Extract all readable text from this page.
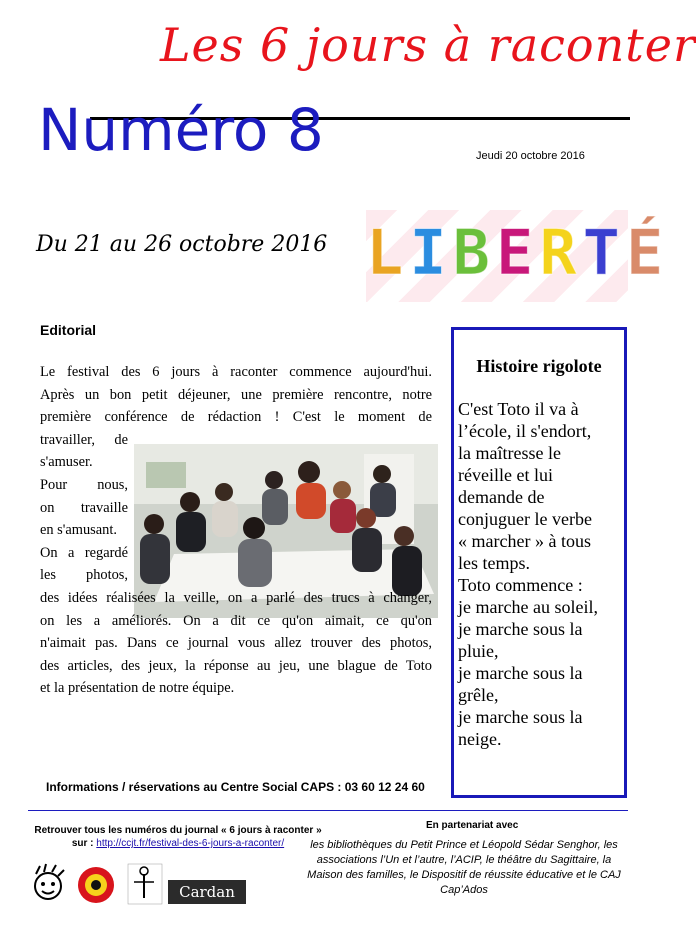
Les 6 jours à raconter
Numéro 8	Jeudi 20 octobre 2016
Du 21 au 26 octobre 2016 LIBERTÉ
Editorial
Le festival des 6 jours à raconter commence aujourd'hui.
Après un bon petit déjeuner, une première rencontre, notre
première conférence de rédaction ! C'est le moment de
travailler, de
s'amuser.
Pour nous,
on travaille
en s'amusant.
On a regardé
les photos,
des idées réalisées la veille, on a parlé des trucs à changer,
on les a améliorés. On a dit ce qu'on aimait, ce qu'on
n'aimait pas. Dans ce journal vous allez trouver des photos,
des articles, des jeux, la réponse au jeu, une blague de Toto
et la présentation de notre équipe.
Informations / réservations au Centre Social CAPS : 03 60 12 24 60
Histoire rigolote
C'est Toto il va à
l’école, il s'endort,
la maîtresse le
réveille et lui
demande de
conjuguer le verbe
« marcher » à tous
les temps.
Toto commence :
je marche au soleil,
je marche sous la
pluie,
je marche sous la
grêle,
je marche sous la
neige.
Retrouver tous les numéros du journal « 6 jours à raconter »
sur : http://ccjt.fr/festival-des-6-jours-a-raconter/
En partenariat avec
les bibliothèques du Petit Prince et Léopold Sédar Senghor, les associations l’Un et l’autre, l’ACIP, le théâtre du Sagittaire, la Maison des familles, le Dispositif de réussite éducative et le CAJ Cap’Ados
Cardan
